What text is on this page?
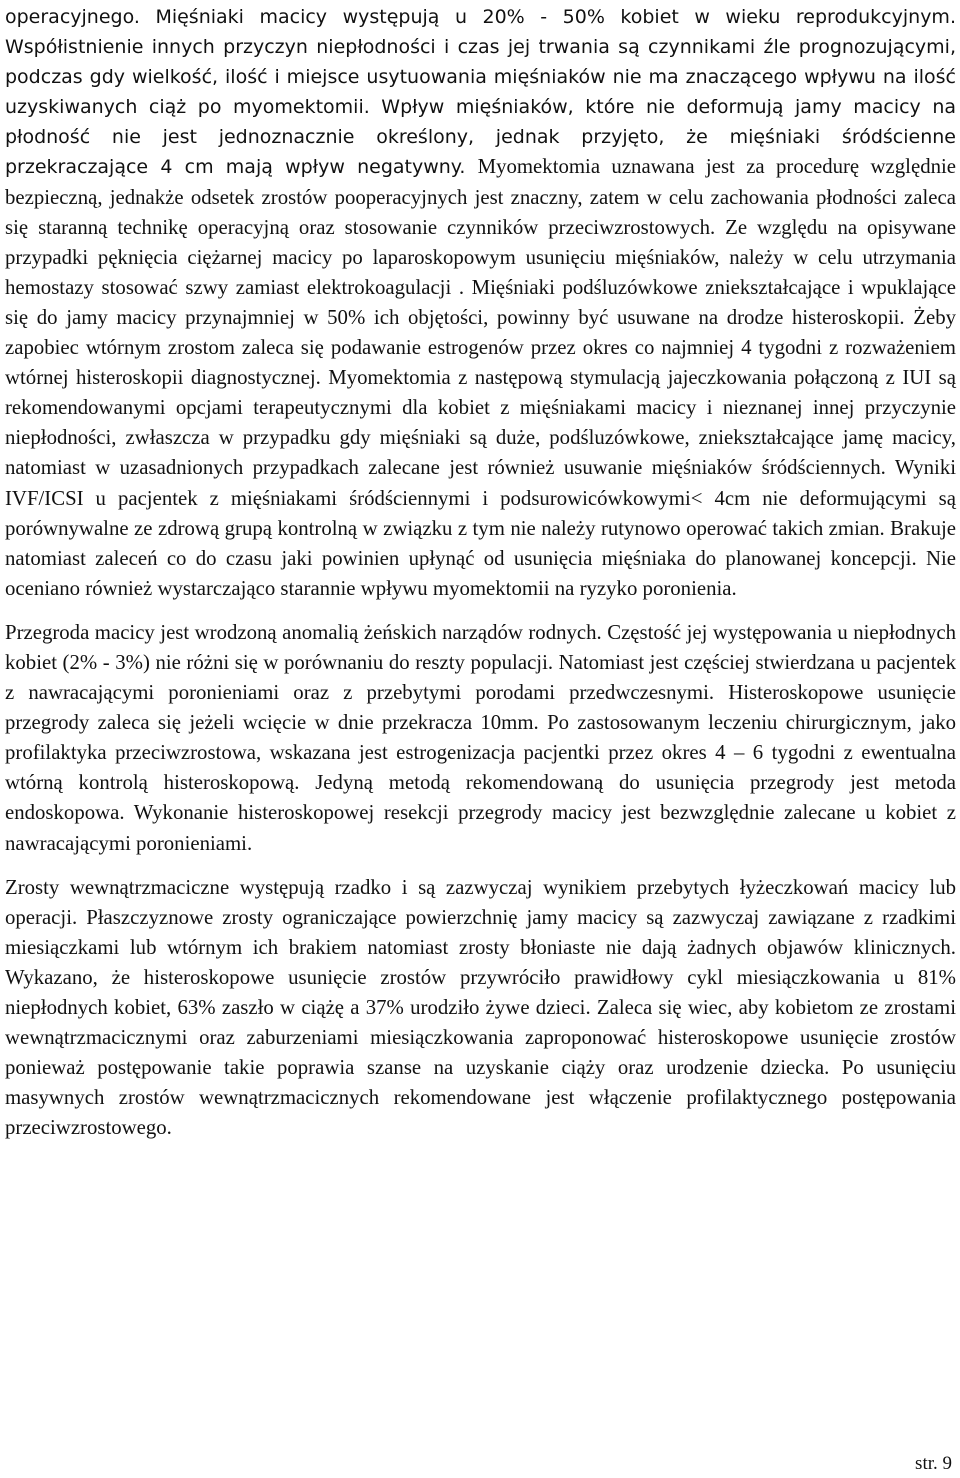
operacyjnego. Mięśniaki macicy występują u 20% - 50% kobiet w wieku reprodukcyjnym. Współistnienie innych przyczyn niepłodności i czas jej trwania są czynnikami źle prognozującymi, podczas gdy wielkość, ilość i miejsce usytuowania mięśniaków nie ma znaczącego wpływu na ilość uzyskiwanych ciąż po myomektomii. Wpływ mięśniaków, które nie deformują jamy macicy na płodność nie jest jednoznacznie określony, jednak przyjęto, że mięśniaki śródścienne przekraczające 4 cm mają wpływ negatywny. Myomektomia uznawana jest za procedurę względnie bezpieczną, jednakże odsetek zrostów pooperacyjnych jest znaczny, zatem w celu zachowania płodności zaleca się staranną technikę operacyjną oraz stosowanie czynników przeciwzrostowych. Ze względu na opisywane przypadki pęknięcia ciężarnej macicy po laparoskopowym usunięciu mięśniaków, należy w celu utrzymania hemostazy stosować szwy zamiast elektrokoagulacji . Mięśniaki podśluzówkowe zniekształcające i wpuklające się do jamy macicy przynajmniej w 50% ich objętości, powinny być usuwane na drodze histeroskopii. Żeby zapobiec wtórnym zrostom zaleca się podawanie estrogenów przez okres co najmniej 4 tygodni z rozważeniem wtórnej histeroskopii diagnostycznej. Myomektomia z następową stymulacją jajeczkowania połączoną z IUI są rekomendowanymi opcjami terapeutycznymi dla kobiet z mięśniakami macicy i nieznanej innej przyczynie niepłodności, zwłaszcza w przypadku gdy mięśniaki są duże, podśluzówkowe, zniekształcające jamę macicy, natomiast w uzasadnionych przypadkach zalecane jest również usuwanie mięśniaków śródściennych. Wyniki IVF/ICSI u pacjentek z mięśniakami śródściennymi i podsurowicówkowymi< 4cm nie deformującymi są porównywalne ze zdrową grupą kontrolną w związku z tym nie należy rutynowo operować takich zmian. Brakuje natomiast zaleceń co do czasu jaki powinien upłynąć od usunięcia mięśniaka do planowanej koncepcji. Nie oceniano również wystarczająco starannie wpływu myomektomii na ryzyko poronienia.

Przegroda macicy jest wrodzoną anomalią żeńskich narządów rodnych. Częstość jej występowania u niepłodnych kobiet (2% - 3%) nie różni się w porównaniu do reszty populacji. Natomiast jest częściej stwierdzana u pacjentek z nawracającymi poronieniami oraz z przebytymi porodami przedwczesnymi. Histeroskopowe usunięcie przegrody zaleca się jeżeli wcięcie w dnie przekracza 10mm. Po zastosowanym leczeniu chirurgicznym, jako profilaktyka przeciwzrostowa, wskazana jest estrogenizacja pacjentki przez okres 4 – 6 tygodni z ewentualna wtórną kontrolą histeroskopową. Jedyną metodą rekomendowaną do usunięcia przegrody jest metoda endoskopowa. Wykonanie histeroskopowej resekcji przegrody macicy jest bezwzględnie zalecane u kobiet z nawracającymi poronieniami.

Zrosty wewnątrzmaciczne występują rzadko i są zazwyczaj wynikiem przebytych łyżeczkowań macicy lub operacji. Płaszczyznowe zrosty ograniczające powierzchnię jamy macicy są zazwyczaj zawiązane z rzadkimi miesiączkami lub wtórnym ich brakiem natomiast zrosty błoniaste nie dają żadnych objawów klinicznych. Wykazano, że histeroskopowe usunięcie zrostów przywróciło prawidłowy cykl miesiączkowania u 81% niepłodnych kobiet, 63% zaszło w ciążę a 37% urodziło żywe dzieci. Zaleca się wiec, aby kobietom ze zrostami wewnątrzmacicznymi oraz zaburzeniami miesiączkowania zaproponować histeroskopowe usunięcie zrostów ponieważ postępowanie takie poprawia szanse na uzyskanie ciąży oraz urodzenie dziecka. Po usunięciu masywnych zrostów wewnątrzmacicznych rekomendowane jest włączenie profilaktycznego postępowania przeciwzrostowego.

str. 9
